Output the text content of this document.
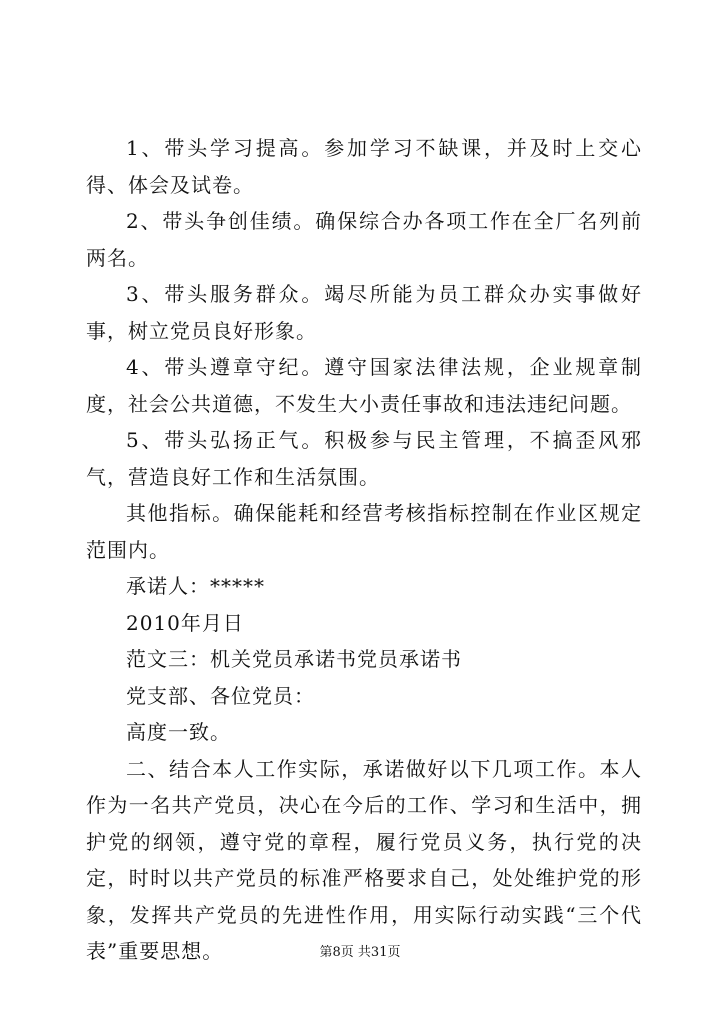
1、带头学习提高。参加学习不缺课，并及时上交心得、体会及试卷。

2、带头争创佳绩。确保综合办各项工作在全厂名列前两名。

3、带头服务群众。竭尽所能为员工群众办实事做好事，树立党员良好形象。

4、带头遵章守纪。遵守国家法律法规，企业规章制度，社会公共道德，不发生大小责任事故和违法违纪问题。

5、带头弘扬正气。积极参与民主管理，不搞歪风邪气，营造良好工作和生活氛围。

其他指标。确保能耗和经营考核指标控制在作业区规定范围内。

承诺人：*****

2010年月日

范文三：机关党员承诺书党员承诺书

党支部、各位党员：

高度一致。

二、结合本人工作实际，承诺做好以下几项工作。本人作为一名共产党员，决心在今后的工作、学习和生活中，拥护党的纲领，遵守党的章程，履行党员义务，执行党的决定，时时以共产党员的标准严格要求自己，处处维护党的形象，发挥共产党员的先进性作用，用实际行动实践“三个代表”重要思想。	第8页 共31页
